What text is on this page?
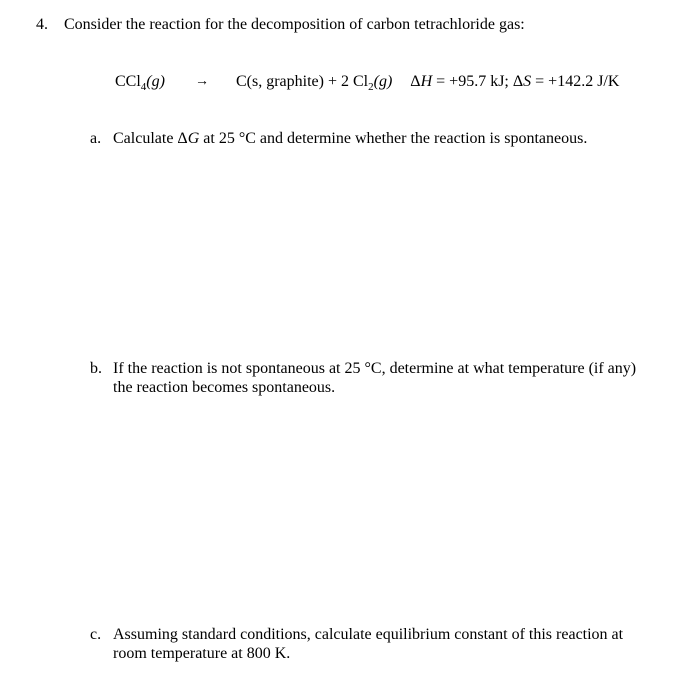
4. Consider the reaction for the decomposition of carbon tetrachloride gas:
CCl$_4$(g) → C(s, graphite) + 2 $Cl_2(g) \Delta H = +95.7$ kJ; ΔS = +142.2 J/K
a. Calculate ΔG at 25 °C and determine whether the reaction is spontaneous.
b. If the reaction is not spontaneous at 25 °C, determine at what temperature (if any)
the reaction becomes spontaneous.
c. Assuming standard conditions, calculate equilibrium constant of this reaction at
room temperature at 800 K.
